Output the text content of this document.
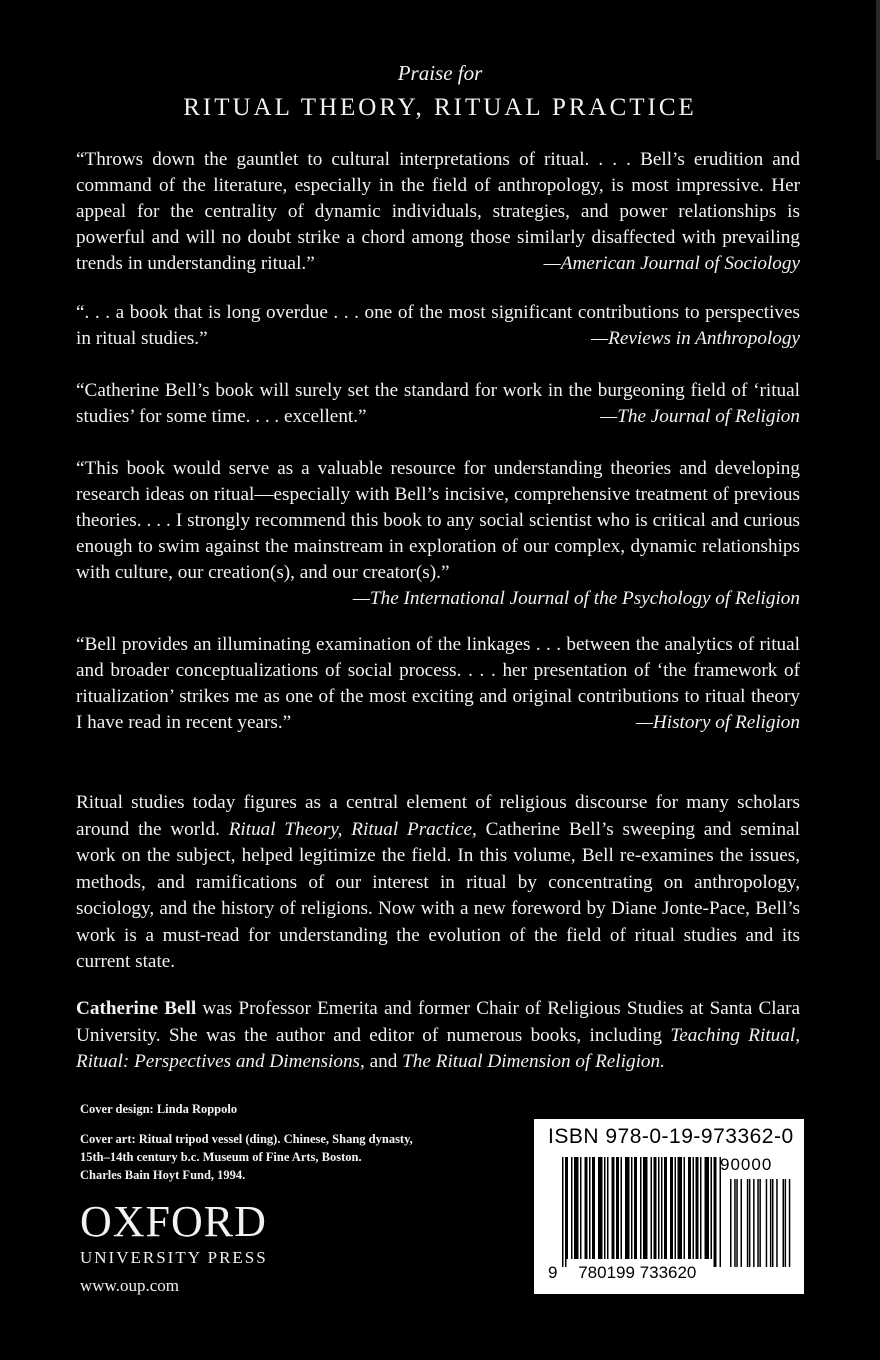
Praise for
RITUAL THEORY, RITUAL PRACTICE
“Throws down the gauntlet to cultural interpretations of ritual. . . . Bell’s erudition and command of the literature, especially in the field of anthropology, is most impressive. Her appeal for the centrality of dynamic individuals, strategies, and power relationships is powerful and will no doubt strike a chord among those similarly disaffected with prevailing trends in understanding ritual.”	—American Journal of Sociology
“. . . a book that is long overdue . . . one of the most significant contributions to perspectives in ritual studies.”	—Reviews in Anthropology
“Catherine Bell’s book will surely set the standard for work in the burgeoning field of ‘ritual studies’ for some time. . . . excellent.”	—The Journal of Religion
“This book would serve as a valuable resource for understanding theories and developing research ideas on ritual—especially with Bell’s incisive, comprehensive treatment of previous theories. . . . I strongly recommend this book to any social scientist who is critical and curious enough to swim against the mainstream in exploration of our complex, dynamic relationships with culture, our creation(s), and our creator(s).”
—The International Journal of the Psychology of Religion
“Bell provides an illuminating examination of the linkages . . . between the analytics of ritual and broader conceptualizations of social process. . . . her presentation of ‘the framework of ritualization’ strikes me as one of the most exciting and original contributions to ritual theory I have read in recent years.”	—History of Religion
Ritual studies today figures as a central element of religious discourse for many scholars around the world. Ritual Theory, Ritual Practice, Catherine Bell’s sweeping and seminal work on the subject, helped legitimize the field. In this volume, Bell re-examines the issues, methods, and ramifications of our interest in ritual by concentrating on anthropology, sociology, and the history of religions. Now with a new foreword by Diane Jonte-Pace, Bell’s work is a must-read for understanding the evolution of the field of ritual studies and its current state.
Catherine Bell was Professor Emerita and former Chair of Religious Studies at Santa Clara University. She was the author and editor of numerous books, including Teaching Ritual, Ritual: Perspectives and Dimensions, and The Ritual Dimension of Religion.
Cover design: Linda Roppolo
Cover art: Ritual tripod vessel (ding). Chinese, Shang dynasty,
15th–14th century b.c. Museum of Fine Arts, Boston.
Charles Bain Hoyt Fund, 1994.
OXFORD
UNIVERSITY PRESS
www.oup.com
ISBN 978-0-19-973362-0
90000
9 780199 733620
